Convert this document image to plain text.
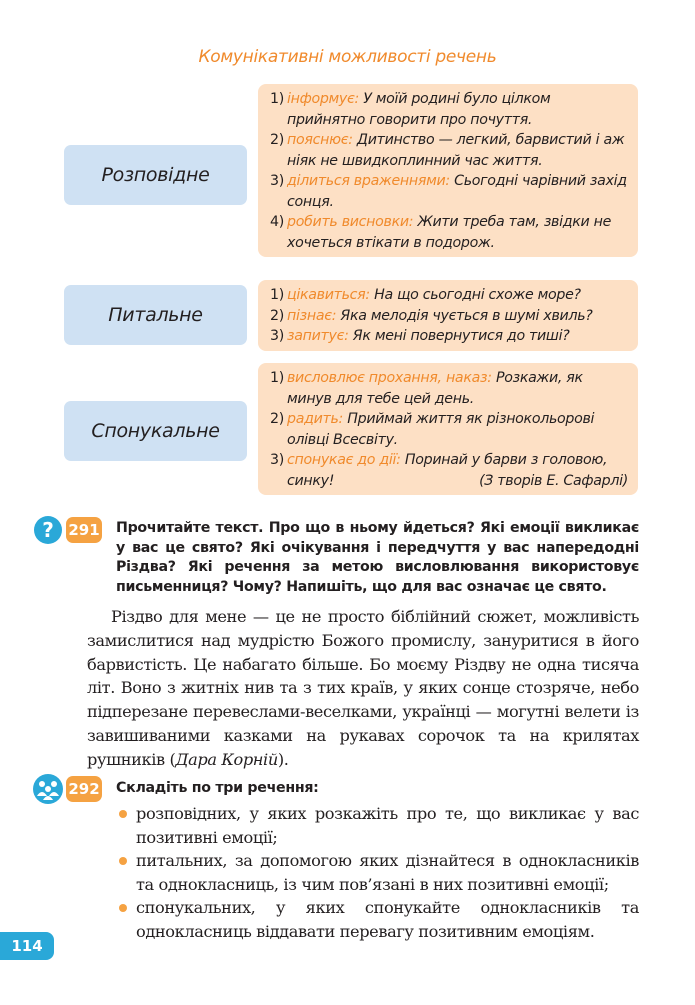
Комунікативні можливості речень
Розповідне
1) інформує: У моїй родині було цілком прийнятно говорити про почуття.
2) пояснює: Дитинство — легкий, барвистий і аж ніяк не швидкоплинний час життя.
3) ділиться враженнями: Сьогодні чарівний захід сонця.
4) робить висновки: Жити треба там, звідки не хочеться втікати в подорож.
Питальне
1) цікавиться: На що сьогодні схоже море?
2) пізнає: Яка мелодія чується в шумі хвиль?
3) запитує: Як мені повернутися до тиші?
Спонукальне
1) висловлює прохання, наказ: Розкажи, як минув для тебе цей день.
2) радить: Приймай життя як різнокольорові олівці Всесвіту.
3) спонукає до дії: Поринай у барви з головою, синку!	(З творів Е. Сафарлі)
? 291 Прочитайте текст. Про що в ньому йдеться? Які емоції викликає у вас це свято? Які очікування і передчуття у вас напередодні Різдва? Які речення за метою висловлювання використовує письменниця? Чому? Напишіть, що для вас означає це свято.

Різдво для мене — це не просто біблійний сюжет, можливість замислитися над мудрістю Божого промислу, зануритися в його барвистість. Це набагато більше. Бо моєму Різдву не одна тисяча літ. Воно з житніх нив та з тих країв, у яких сонце стозряче, небо підперезане перевеслами-веселками, українці — могутні велети із завишиваними казками на рукавах сорочок та на крилятах рушників (Дара Корній).

292 Складіть по три речення:
розповідних, у яких розкажіть про те, що викликає у вас позитивні емоції;
питальних, за допомогою яких дізнайтеся в однокласників та однокласниць, із чим пов’язані в них позитивні емоції;
спонукальних, у яких спонукайте однокласників та однокласниць віддавати перевагу позитивним емоціям.
114
